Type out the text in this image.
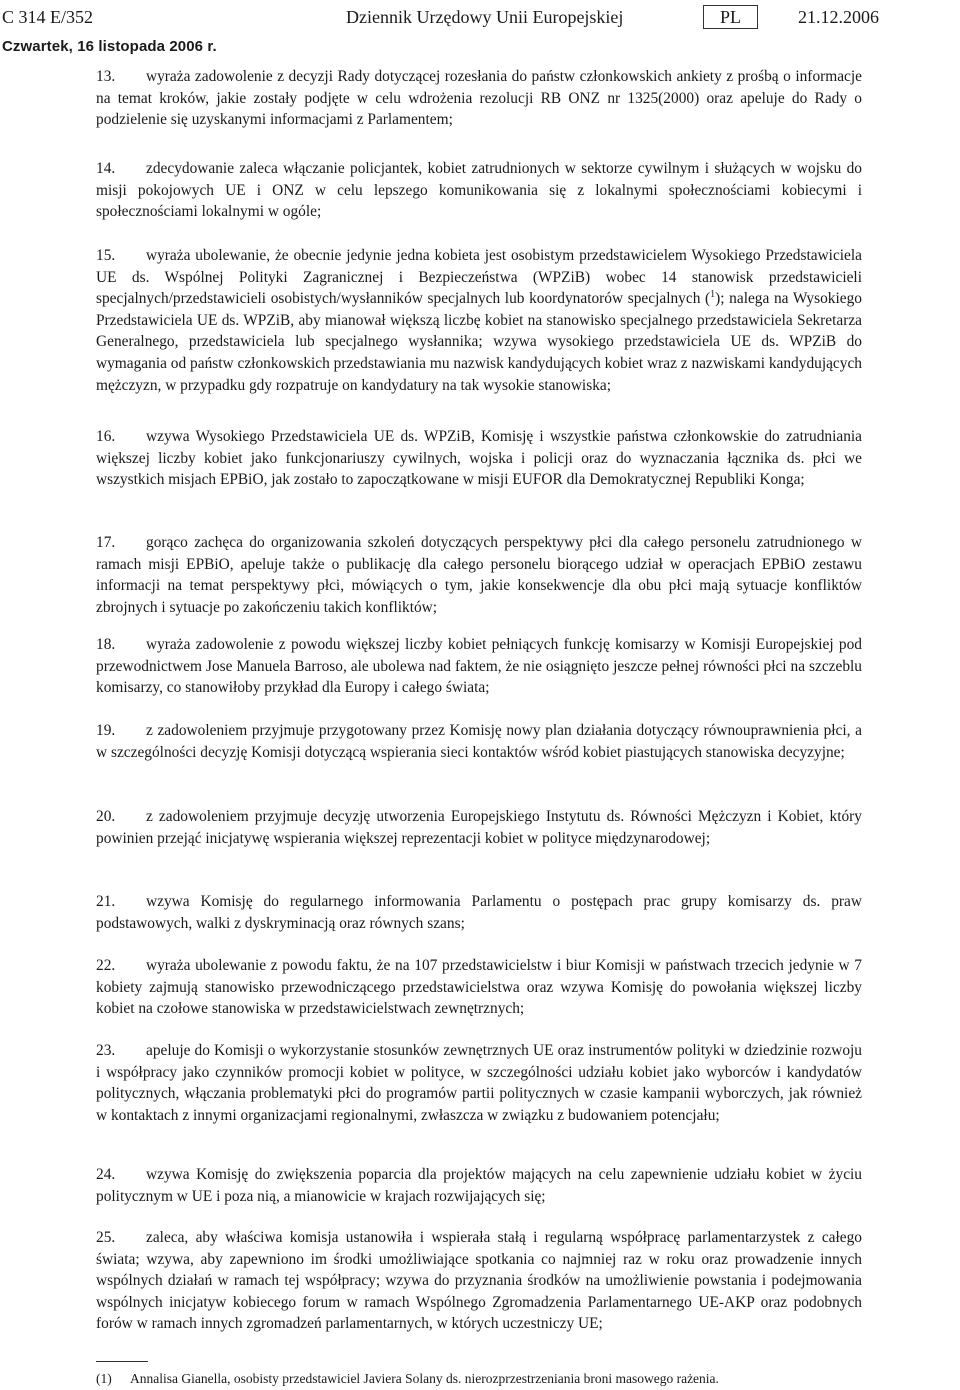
C 314 E/352	Dziennik Urzędowy Unii Europejskiej	PL	21.12.2006
Czwartek, 16 listopada 2006 r.

13. wyraża zadowolenie z decyzji Rady dotyczącej rozesłania do państw członkowskich ankiety z prośbą o informacje na temat kroków, jakie zostały podjęte w celu wdrożenia rezolucji RB ONZ nr 1325(2000) oraz apeluje do Rady o podzielenie się uzyskanymi informacjami z Parlamentem;

14. zdecydowanie zaleca włączanie policjantek, kobiet zatrudnionych w sektorze cywilnym i służących w wojsku do misji pokojowych UE i ONZ w celu lepszego komunikowania się z lokalnymi społecznościami kobiecymi i społecznościami lokalnymi w ogóle;

15. wyraża ubolewanie, że obecnie jedynie jedna kobieta jest osobistym przedstawicielem Wysokiego Przedstawiciela UE ds. Wspólnej Polityki Zagranicznej i Bezpieczeństwa (WPZiB) wobec 14 stanowisk przedstawicieli specjalnych/przedstawicieli osobistych/wysłanników specjalnych lub koordynatorów specjalnych ($^1$); nalega na Wysokiego Przedstawiciela UE ds. WPZiB, aby mianował większą liczbę kobiet na stanowisko specjalnego przedstawiciela Sekretarza Generalnego, przedstawiciela lub specjalnego wysłannika; wzywa wysokiego przedstawiciela UE ds. WPZiB do wymagania od państw członkowskich przedstawiania mu nazwisk kandydujących kobiet wraz z nazwiskami kandydujących mężczyzn, w przypadku gdy rozpatruje on kandydatury na tak wysokie stanowiska;

16. wzywa Wysokiego Przedstawiciela UE ds. WPZiB, Komisję i wszystkie państwa członkowskie do zatrudniania większej liczby kobiet jako funkcjonariuszy cywilnych, wojska i policji oraz do wyznaczania łącznika ds. płci we wszystkich misjach EPBiO, jak zostało to zapoczątkowane w misji EUFOR dla Demokratycznej Republiki Konga;

17. gorąco zachęca do organizowania szkoleń dotyczących perspektywy płci dla całego personelu zatrudnionego w ramach misji EPBiO, apeluje także o publikację dla całego personelu biorącego udział w operacjach EPBiO zestawu informacji na temat perspektywy płci, mówiących o tym, jakie konsekwencje dla obu płci mają sytuacje konfliktów zbrojnych i sytuacje po zakończeniu takich konfliktów;

18. wyraża zadowolenie z powodu większej liczby kobiet pełniących funkcję komisarzy w Komisji Europejskiej pod przewodnictwem Jose Manuela Barroso, ale ubolewa nad faktem, że nie osiągnięto jeszcze pełnej równości płci na szczeblu komisarzy, co stanowiłoby przykład dla Europy i całego świata;

19. z zadowoleniem przyjmuje przygotowany przez Komisję nowy plan działania dotyczący równouprawnienia płci, a w szczególności decyzję Komisji dotyczącą wspierania sieci kontaktów wśród kobiet piastujących stanowiska decyzyjne;

20. z zadowoleniem przyjmuje decyzję utworzenia Europejskiego Instytutu ds. Równości Mężczyzn i Kobiet, który powinien przejąć inicjatywę wspierania większej reprezentacji kobiet w polityce międzynarodowej;

21. wzywa Komisję do regularnego informowania Parlamentu o postępach prac grupy komisarzy ds. praw podstawowych, walki z dyskryminacją oraz równych szans;

22. wyraża ubolewanie z powodu faktu, że na 107 przedstawicielstw i biur Komisji w państwach trzecich jedynie w 7 kobiety zajmują stanowisko przewodniczącego przedstawicielstwa oraz wzywa Komisję do powołania większej liczby kobiet na czołowe stanowiska w przedstawicielstwach zewnętrznych;

23. apeluje do Komisji o wykorzystanie stosunków zewnętrznych UE oraz instrumentów polityki w dziedzinie rozwoju i współpracy jako czynników promocji kobiet w polityce, w szczególności udziału kobiet jako wyborców i kandydatów politycznych, włączania problematyki płci do programów partii politycznych w czasie kampanii wyborczych, jak również w kontaktach z innymi organizacjami regionalnymi, zwłaszcza w związku z budowaniem potencjału;

24. wzywa Komisję do zwiększenia poparcia dla projektów mających na celu zapewnienie udziału kobiet w życiu politycznym w UE i poza nią, a mianowicie w krajach rozwijających się;

25. zaleca, aby właściwa komisja ustanowiła i wspierała stałą i regularną współpracę parlamentarzystek z całego świata; wzywa, aby zapewniono im środki umożliwiające spotkania co najmniej raz w roku oraz prowadzenie innych wspólnych działań w ramach tej współpracy; wzywa do przyznania środków na umożliwienie powstania i podejmowania wspólnych inicjatyw kobiecego forum w ramach Wspólnego Zgromadzenia Parlamentarnego UE-AKP oraz podobnych forów w ramach innych zgromadzeń parlamentarnych, w których uczestniczy UE;

(1) Annalisa Gianella, osobisty przedstawiciel Javiera Solany ds. nierozprzestrzeniania broni masowego rażenia.
